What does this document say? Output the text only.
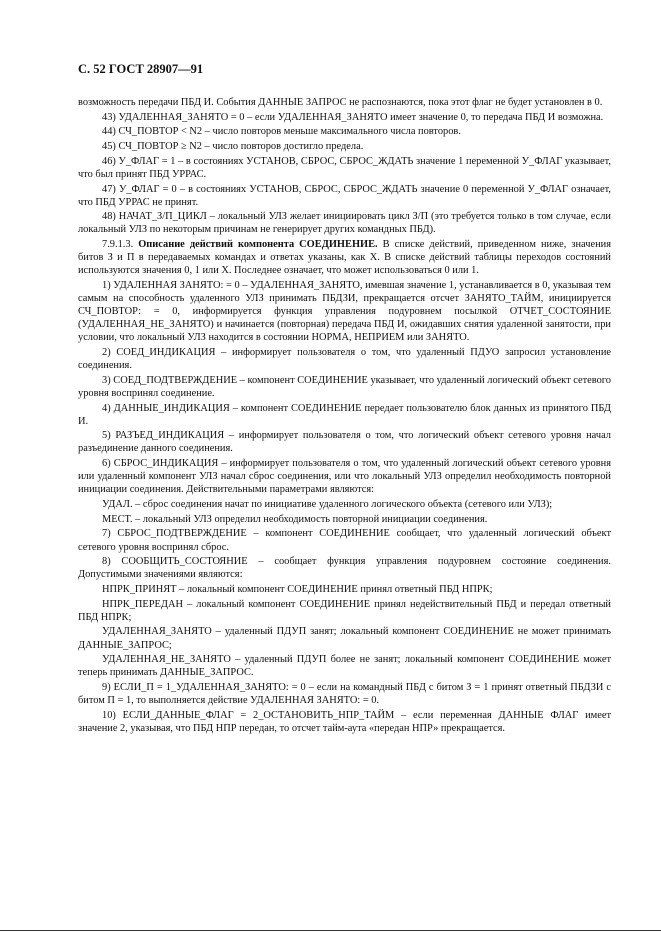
С. 52 ГОСТ 28907—91

возможность передачи ПБД И. События ДАННЫЕ ЗАПРОС не распознаются, пока этот флаг не будет установлен в 0.

43) УДАЛЕННАЯ_ЗАНЯТО = 0 – если УДАЛЕННАЯ_ЗАНЯТО имеет значение 0, то передача ПБД И возможна.

44) СЧ_ПОВТОР < N2 – число повторов меньше максимального числа повторов.

45) СЧ_ПОВТОР ≥ N2 – число повторов достигло предела.

46) У_ФЛАГ = 1 – в состояниях УСТАНОВ, СБРОС, СБРОС_ЖДАТЬ значение 1 переменной У_ФЛАГ указывает, что был принят ПБД УРРАС.

47) У_ФЛАГ = 0 – в состояниях УСТАНОВ, СБРОС, СБРОС_ЖДАТЬ значение 0 переменной У_ФЛАГ означает, что ПБД УРРАС не принят.

48) НАЧАТ_З/П_ЦИКЛ – локальный УЛЗ желает инициировать цикл З/П (это требуется только в том случае, если локальный УЛЗ по некоторым причинам не генерирует других командных ПБД).

7.9.1.3. Описание действий компонента СОЕДИНЕНИЕ. В списке действий, приведенном ниже, значения битов З и П в передаваемых командах и ответах указаны, как Х. В списке действий таблицы переходов состояний используются значения 0, 1 или Х. Последнее означает, что может использоваться 0 или 1.

1) УДАЛЕННАЯ ЗАНЯТО: = 0 – УДАЛЕННАЯ_ЗАНЯТО, имевшая значение 1, устанавливается в 0, указывая тем самым на способность удаленного УЛЗ принимать ПБДЗИ, прекращается отсчет ЗАНЯТО_ТАЙМ, инициируется СЧ_ПОВТОР: = 0, информируется функция управления подуровнем посылкой ОТЧЕТ_СОСТОЯНИЕ (УДАЛЕННАЯ_НЕ_ЗАНЯТО) и начинается (повторная) передача ПБД И, ожидавших снятия удаленной занятости, при условии, что локальный УЛЗ находится в состоянии НОРМА, НЕПРИЕМ или ЗАНЯТО.

2) СОЕД_ИНДИКАЦИЯ – информирует пользователя о том, что удаленный ПДУО запросил установление соединения.

3) СОЕД_ПОДТВЕРЖДЕНИЕ – компонент СОЕДИНЕНИЕ указывает, что удаленный логический объект сетевого уровня воспринял соединение.

4) ДАННЫЕ_ИНДИКАЦИЯ – компонент СОЕДИНЕНИЕ передает пользователю блок данных из принятого ПБД И.

5) РАЗЪЕД_ИНДИКАЦИЯ – информирует пользователя о том, что логический объект сетевого уровня начал разъединение данного соединения.

6) СБРОС_ИНДИКАЦИЯ – информирует пользователя о том, что удаленный логический объект сетевого уровня или удаленный компонент УЛЗ начал сброс соединения, или что локальный УЛЗ определил необходимость повторной инициации соединения. Действительными параметрами являются:

УДАЛ. – сброс соединения начат по инициативе удаленного логического объекта (сетевого или УЛЗ);

МЕСТ. – локальный УЛЗ определил необходимость повторной инициации соединения.

7) СБРОС_ПОДТВЕРЖДЕНИЕ – компонент СОЕДИНЕНИЕ сообщает, что удаленный логический объект сетевого уровня воспринял сброс.

8) СООБЩИТЬ_СОСТОЯНИЕ – сообщает функция управления подуровнем состояние соединения. Допустимыми значениями являются:

НПРК_ПРИНЯТ – локальный компонент СОЕДИНЕНИЕ принял ответный ПБД НПРК;

НПРК_ПЕРЕДАН – локальный компонент СОЕДИНЕНИЕ принял недействительный ПБД и передал ответный ПБД НПРК;

УДАЛЕННАЯ_ЗАНЯТО – удаленный ПДУП занят; локальный компонент СОЕДИНЕНИЕ не может принимать ДАННЫЕ_ЗАПРОС;

УДАЛЕННАЯ_НЕ_ЗАНЯТО – удаленный ПДУП более не занят; локальный компонент СОЕДИНЕНИЕ может теперь принимать ДАННЫЕ_ЗАПРОС.

9) ЕСЛИ_П = 1_УДАЛЕННАЯ_ЗАНЯТО: = 0 – если на командный ПБД с битом З = 1 принят ответный ПБДЗИ с битом П = 1, то выполняется действие УДАЛЕННАЯ ЗАНЯТО: = 0.

10) ЕСЛИ_ДАННЫЕ_ФЛАГ = 2_ОСТАНОВИТЬ_НПР_ТАЙМ – если переменная ДАННЫЕ ФЛАГ имеет значение 2, указывая, что ПБД НПР передан, то отсчет тайм-аута «передан НПР» прекращается.
